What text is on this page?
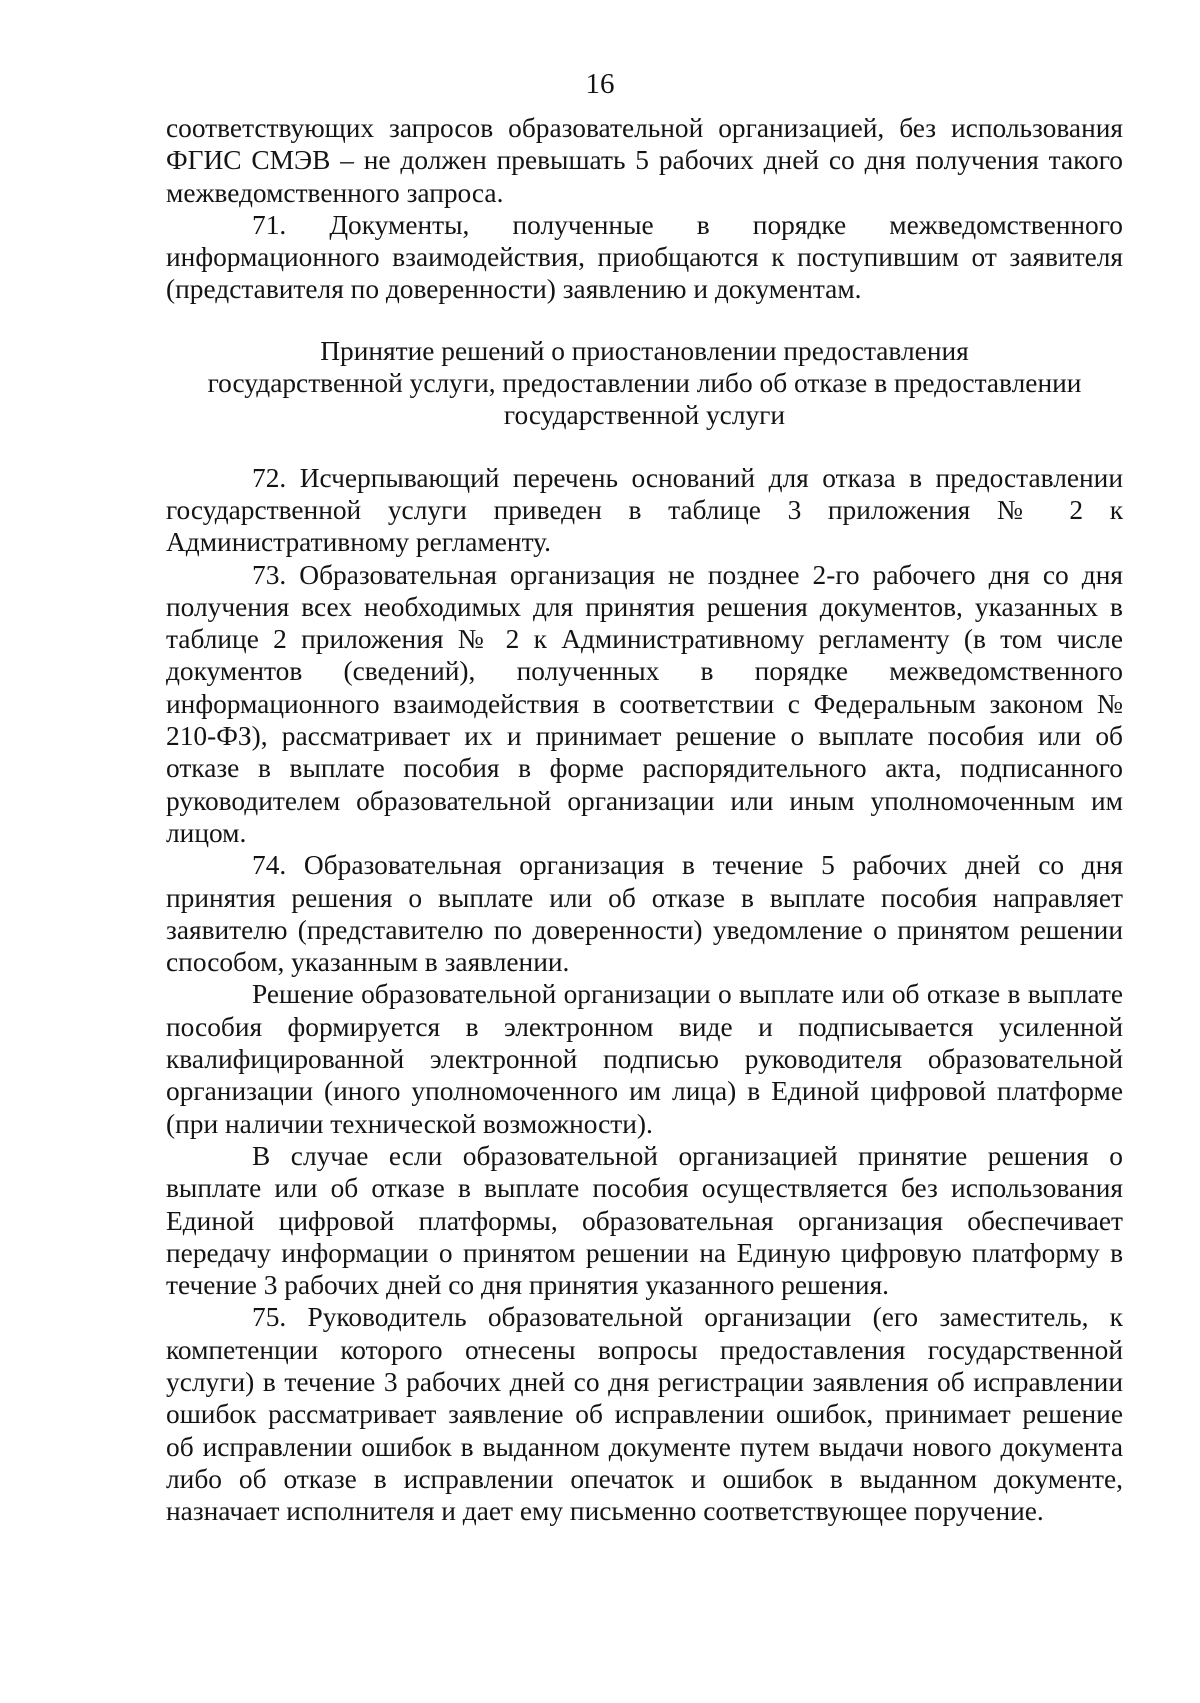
16

соответствующих запросов образовательной организацией, без использования ФГИС СМЭВ – не должен превышать 5 рабочих дней со дня получения такого межведомственного запроса.

71. Документы, полученные в порядке межведомственного информационного взаимодействия, приобщаются к поступившим от заявителя (представителя по доверенности) заявлению и документам.

Принятие решений о приостановлении предоставления
государственной услуги, предоставлении либо об отказе в предоставлении
государственной услуги

72. Исчерпывающий перечень оснований для отказа в предоставлении государственной услуги приведен в таблице 3 приложения № 2 к Административному регламенту.

73. Образовательная организация не позднее 2-го рабочего дня со дня получения всех необходимых для принятия решения документов, указанных в таблице 2 приложения № 2 к Административному регламенту (в том числе документов (сведений), полученных в порядке межведомственного информационного взаимодействия в соответствии с Федеральным законом № 210-ФЗ), рассматривает их и принимает решение о выплате пособия или об отказе в выплате пособия в форме распорядительного акта, подписанного руководителем образовательной организации или иным уполномоченным им лицом.

74. Образовательная организация в течение 5 рабочих дней со дня принятия решения о выплате или об отказе в выплате пособия направляет заявителю (представителю по доверенности) уведомление о принятом решении способом, указанным в заявлении.

Решение образовательной организации о выплате или об отказе в выплате пособия формируется в электронном виде и подписывается усиленной квалифицированной электронной подписью руководителя образовательной организации (иного уполномоченного им лица) в Единой цифровой платформе (при наличии технической возможности).

В случае если образовательной организацией принятие решения о выплате или об отказе в выплате пособия осуществляется без использования Единой цифровой платформы, образовательная организация обеспечивает передачу информации о принятом решении на Единую цифровую платформу в течение 3 рабочих дней со дня принятия указанного решения.

75. Руководитель образовательной организации (его заместитель, к компетенции которого отнесены вопросы предоставления государственной услуги) в течение 3 рабочих дней со дня регистрации заявления об исправлении ошибок рассматривает заявление об исправлении ошибок, принимает решение об исправлении ошибок в выданном документе путем выдачи нового документа либо об отказе в исправлении опечаток и ошибок в выданном документе, назначает исполнителя и дает ему письменно соответствующее поручение.
